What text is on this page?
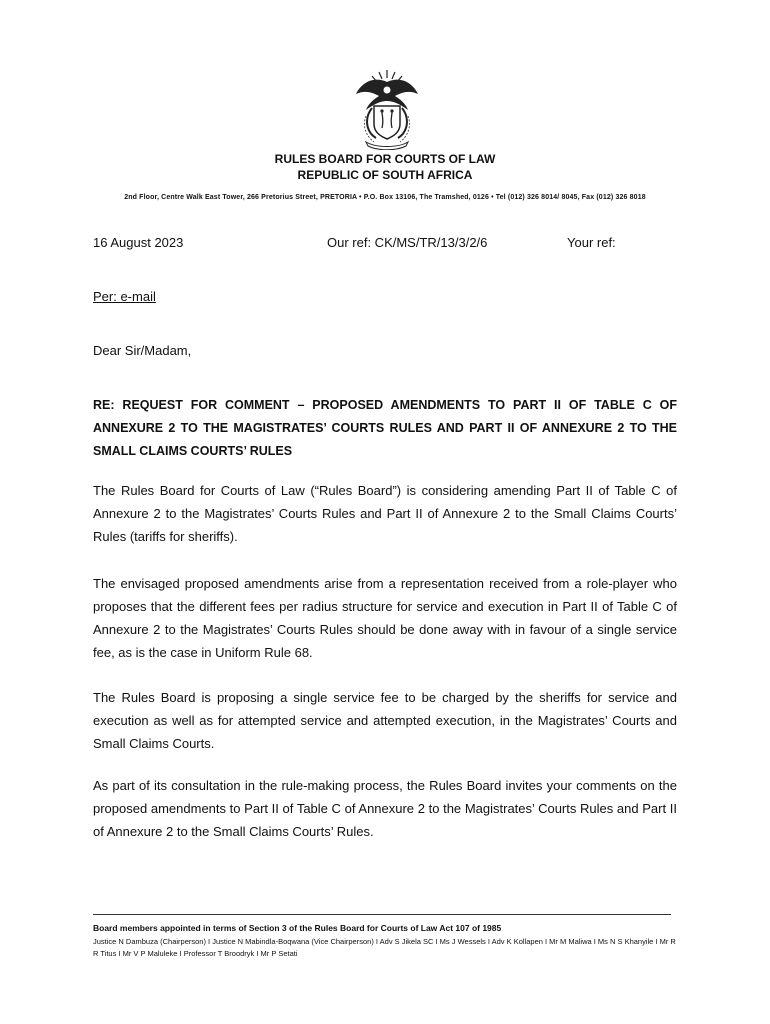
RULES BOARD FOR COURTS OF LAW
REPUBLIC OF SOUTH AFRICA
2nd Floor, Centre Walk East Tower, 266 Pretorius Street, PRETORIA • P.O. Box 13106, The Tramshed, 0126 • Tel (012) 326 8014/ 8045, Fax (012) 326 8018
16 August 2023	Our ref: CK/MS/TR/13/3/2/6	Your ref:
Per: e-mail
Dear Sir/Madam,
RE: REQUEST FOR COMMENT – PROPOSED AMENDMENTS TO PART II OF TABLE C OF ANNEXURE 2 TO THE MAGISTRATES’ COURTS RULES AND PART II OF ANNEXURE 2 TO THE SMALL CLAIMS COURTS’ RULES
The Rules Board for Courts of Law (“Rules Board”) is considering amending Part II of Table C of Annexure 2 to the Magistrates’ Courts Rules and Part II of Annexure 2 to the Small Claims Courts’ Rules (tariffs for sheriffs).
The envisaged proposed amendments arise from a representation received from a role-player who proposes that the different fees per radius structure for service and execution in Part II of Table C of Annexure 2 to the Magistrates’ Courts Rules should be done away with in favour of a single service fee, as is the case in Uniform Rule 68.
The Rules Board is proposing a single service fee to be charged by the sheriffs for service and execution as well as for attempted service and attempted execution, in the Magistrates’ Courts and Small Claims Courts.
As part of its consultation in the rule-making process, the Rules Board invites your comments on the proposed amendments to Part II of Table C of Annexure 2 to the Magistrates’ Courts Rules and Part II of Annexure 2 to the Small Claims Courts’ Rules.
Board members appointed in terms of Section 3 of the Rules Board for Courts of Law Act 107 of 1985
Justice N Dambuza (Chairperson) I Justice N Mabindla-Boqwana (Vice Chairperson) I Adv S Jikela SC I Ms J Wessels I Adv K Kollapen I Mr M Maliwa I Ms N S Khanyile I Mr R R Titus I Mr V P Maluleke I Professor T Broodryk I Mr P Setati
